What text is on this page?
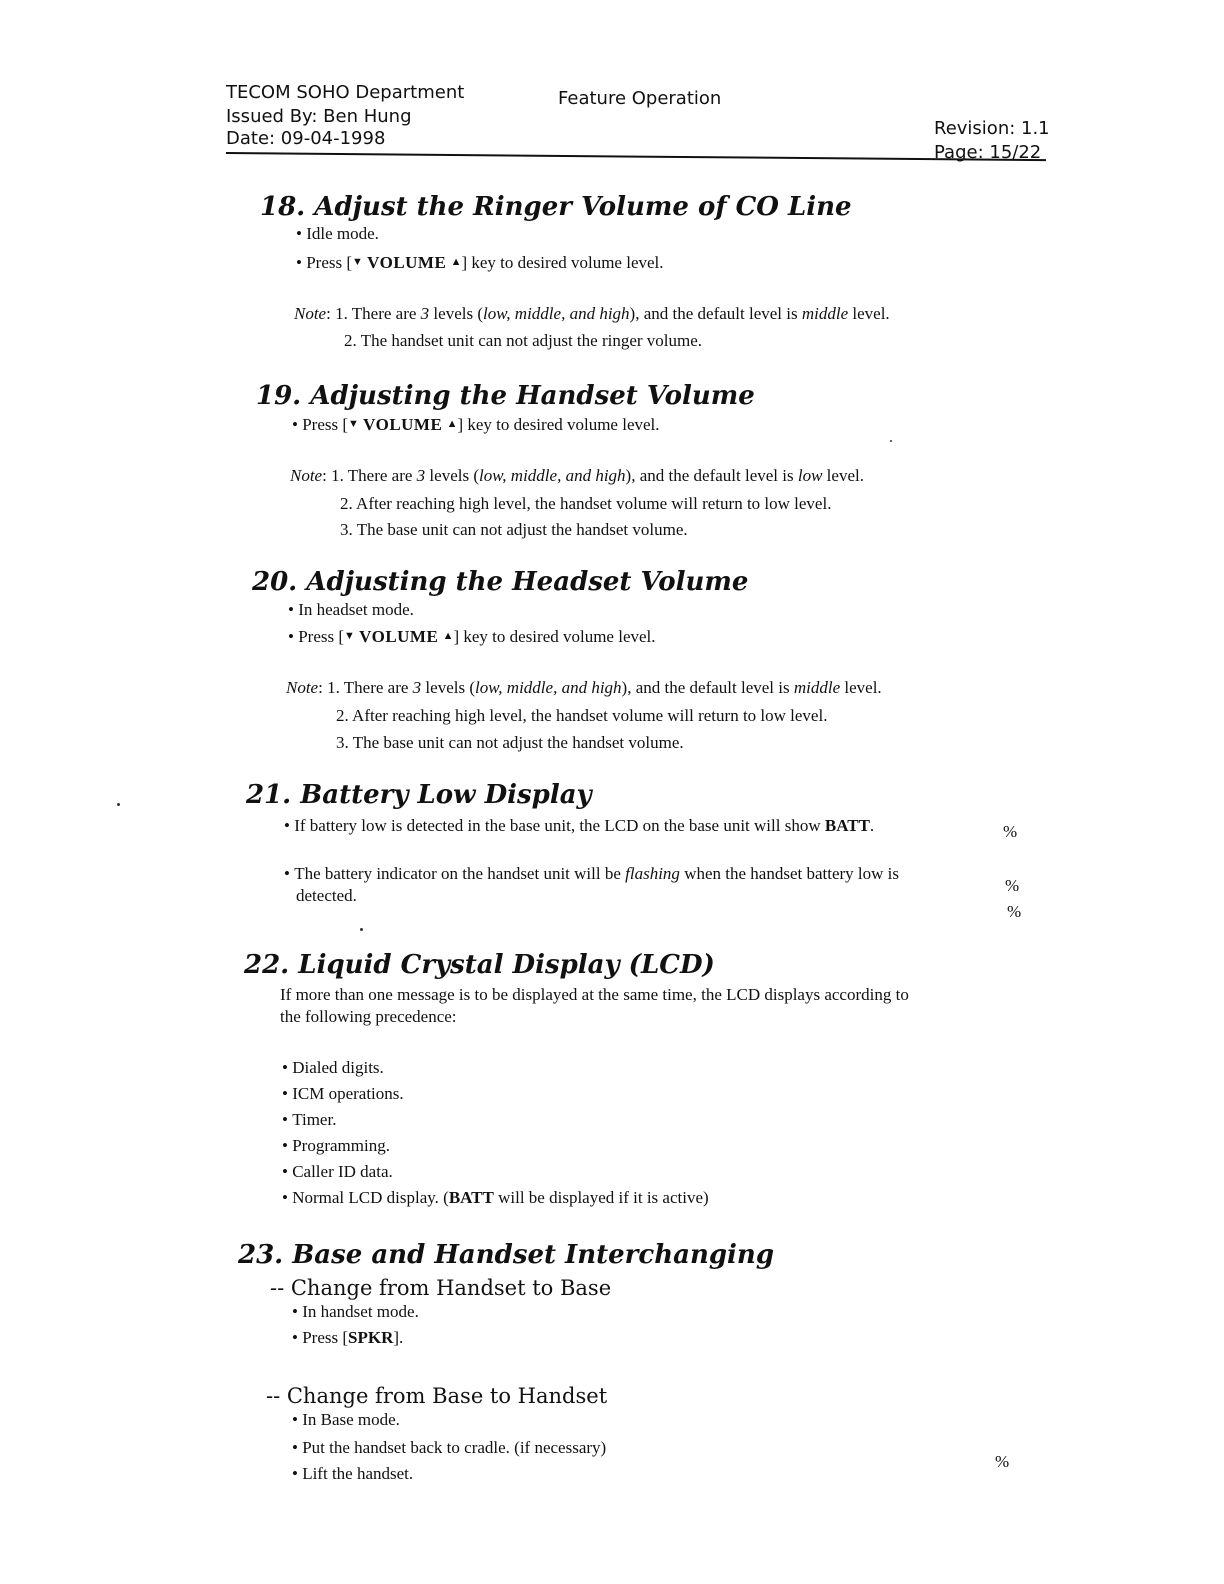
TECOM SOHO Department
Issued By: Ben Hung
Date: 09-04-1998
Feature Operation
Revision: 1.1
Page: 15/22
18. Adjust the Ringer Volume of CO Line
• Idle mode.
• Press [▼ VOLUME ▲] key to desired volume level.
Note: 1. There are 3 levels (low, middle, and high), and the default level is middle level.
2. The handset unit can not adjust the ringer volume.
19. Adjusting the Handset Volume
• Press [▼ VOLUME ▲] key to desired volume level.
Note: 1. There are 3 levels (low, middle, and high), and the default level is low level.
2. After reaching high level, the handset volume will return to low level.
3. The base unit can not adjust the handset volume.
20. Adjusting the Headset Volume
• In headset mode.
• Press [▼ VOLUME ▲] key to desired volume level.
Note: 1. There are 3 levels (low, middle, and high), and the default level is middle level.
2. After reaching high level, the handset volume will return to low level.
3. The base unit can not adjust the handset volume.
21. Battery Low Display
• If battery low is detected in the base unit, the LCD on the base unit will show BATT.	%
• The battery indicator on the handset unit will be flashing when the handset battery low is
%
detected.
%
22. Liquid Crystal Display (LCD)
If more than one message is to be displayed at the same time, the LCD displays according to
the following precedence:
• Dialed digits.
• ICM operations.
• Timer.
• Programming.
• Caller ID data.
• Normal LCD display. (BATT will be displayed if it is active)
23. Base and Handset Interchanging
-- Change from Handset to Base
• In handset mode.
• Press [SPKR].
-- Change from Base to Handset
• In Base mode.
• Put the handset back to cradle. (if necessary)
%
• Lift the handset.
